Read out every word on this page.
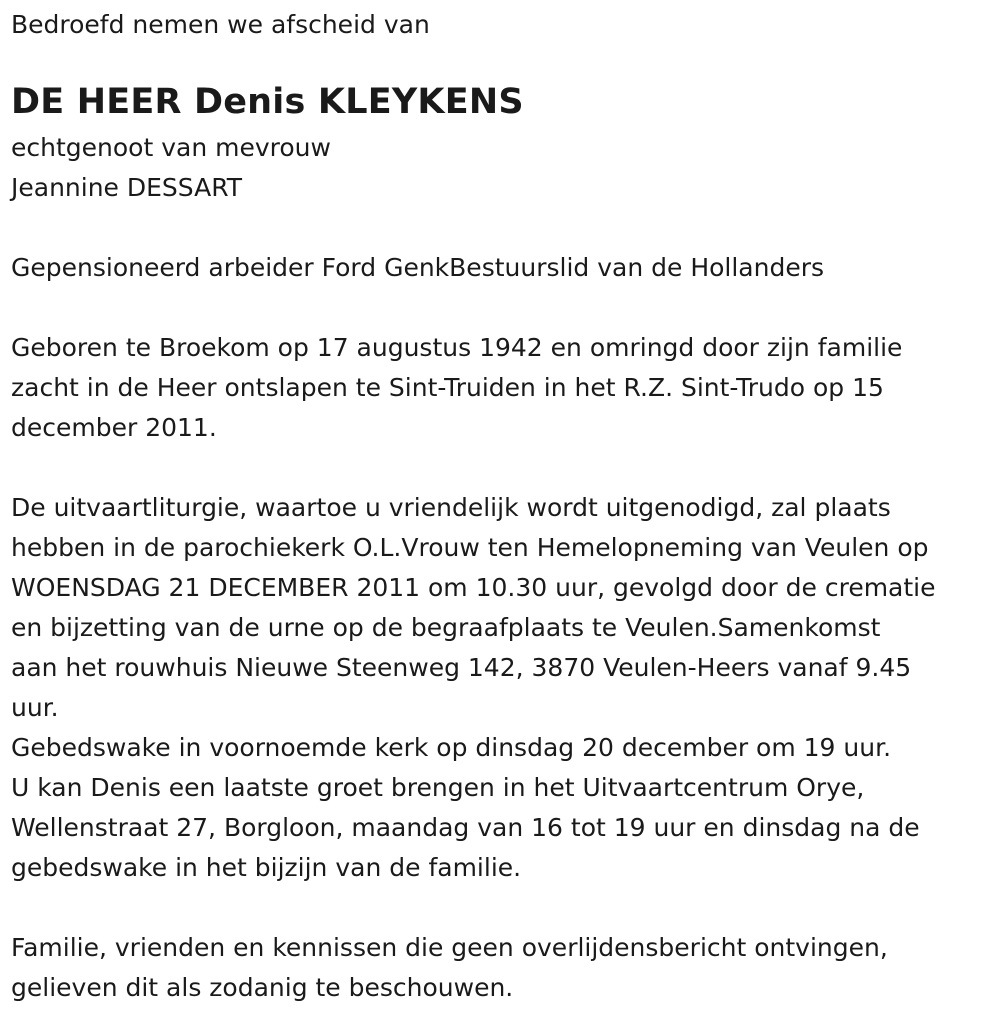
Bedroefd nemen we afscheid van

DE HEER Denis KLEYKENS

echtgenoot van mevrouw

Jeannine DESSART

Gepensioneerd arbeider Ford GenkBestuurslid van de Hollanders

Geboren te Broekom op 17 augustus 1942 en omringd door zijn familie

zacht in de Heer ontslapen te Sint-Truiden in het R.Z. Sint-Trudo op 15

december 2011.

De uitvaartliturgie, waartoe u vriendelijk wordt uitgenodigd, zal plaats

hebben in de parochiekerk O.L.Vrouw ten Hemelopneming van Veulen op

WOENSDAG 21 DECEMBER 2011 om 10.30 uur, gevolgd door de crematie

en bijzetting van de urne op de begraafplaats te Veulen.Samenkomst

aan het rouwhuis Nieuwe Steenweg 142, 3870 Veulen-Heers vanaf 9.45

uur.

Gebedswake in voornoemde kerk op dinsdag 20 december om 19 uur.

U kan Denis een laatste groet brengen in het Uitvaartcentrum Orye,

Wellenstraat 27, Borgloon, maandag van 16 tot 19 uur en dinsdag na de

gebedswake in het bijzijn van de familie.

Familie, vrienden en kennissen die geen overlijdensbericht ontvingen,

gelieven dit als zodanig te beschouwen.
